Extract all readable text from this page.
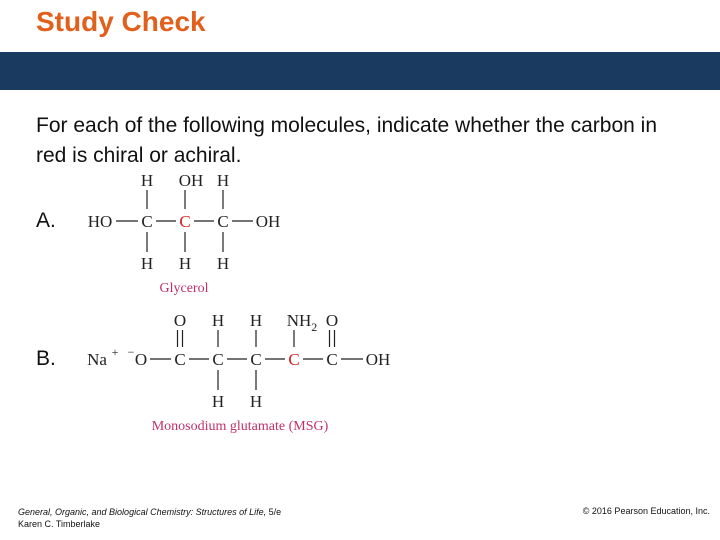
Study Check
For each of the following molecules, indicate whether the carbon in red is chiral or achiral.
A. HO C C C OH
H OH H
H H H
Glycerol
B. Na + − O C C C C C OH
O H H $NH_2$ O
H H
Monosodium glutamate (MSG)
General, Organic, and Biological Chemistry: Structures of Life, 5/e
Karen C. Timberlake
© 2016 Pearson Education, Inc.
